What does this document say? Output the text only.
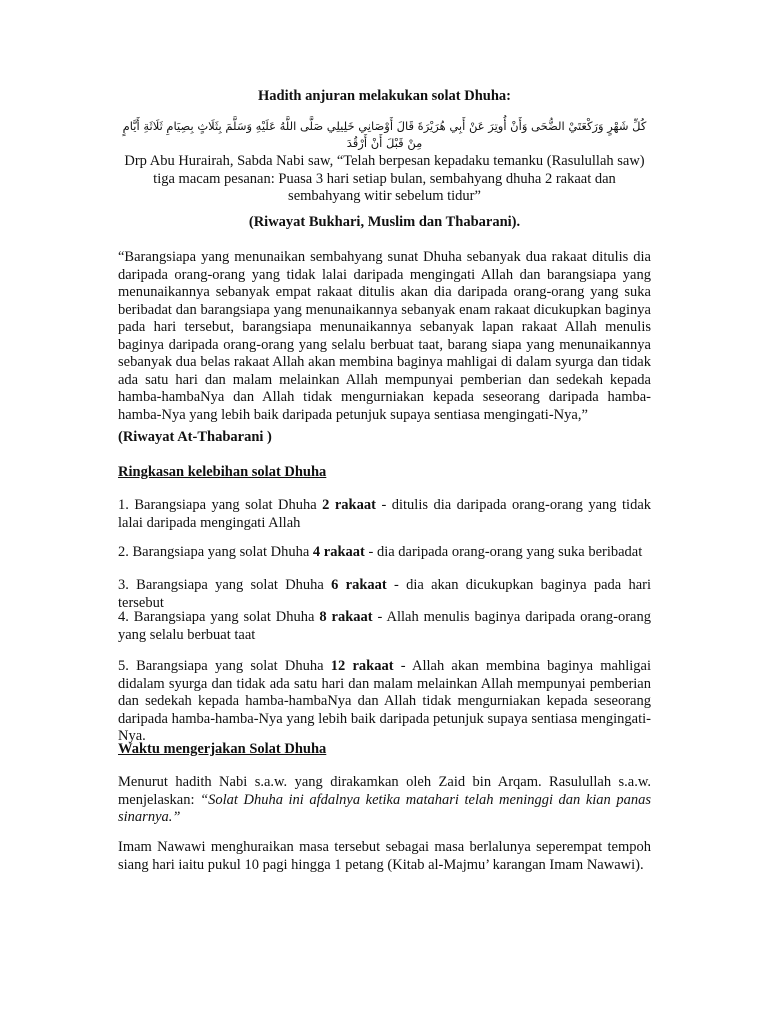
Hadith anjuran melakukan solat Dhuha:

كُلِّ شَهْرٍ وَرَكْعَتَيْ الضُّحَى وَأَنْ أُوتِرَ عَنْ أَبِي هُرَيْرَةَ قَالَ أَوْصَانِي خَلِيلِي صَلَّى اللَّهُ عَلَيْهِ وَسَلَّمَ بِثَلَاثٍ بِصِيَامِ ثَلَاثَةِ أَيَّامٍ مِنْ قَبْلَ أَنْ أَرْقُدَ

Drp Abu Hurairah, Sabda Nabi saw, “Telah berpesan kepadaku temanku (Rasulullah saw) tiga macam pesanan: Puasa 3 hari setiap bulan, sembahyang dhuha 2 rakaat dan sembahyang witir sebelum tidur”

(Riwayat Bukhari, Muslim dan Thabarani).

“Barangsiapa yang menunaikan sembahyang sunat Dhuha sebanyak dua rakaat ditulis dia daripada orang-orang yang tidak lalai daripada mengingati Allah dan barangsiapa yang menunaikannya sebanyak empat rakaat ditulis akan dia daripada orang-orang yang suka beribadat dan barangsiapa yang menunaikannya sebanyak enam rakaat dicukupkan baginya pada hari tersebut, barangsiapa menunaikannya sebanyak lapan rakaat Allah menulis baginya daripada orang-orang yang selalu berbuat taat, barang siapa yang menunaikannya sebanyak dua belas rakaat Allah akan membina baginya mahligai di dalam syurga dan tidak ada satu hari dan malam melainkan Allah mempunyai pemberian dan sedekah kepada hamba-hambaNya dan Allah tidak mengurniakan kepada seseorang daripada hamba-hamba-Nya yang lebih baik daripada petunjuk supaya sentiasa mengingati-Nya,”

(Riwayat At-Thabarani )

Ringkasan kelebihan solat Dhuha

1. Barangsiapa yang solat Dhuha 2 rakaat - ditulis dia daripada orang-orang yang tidak lalai daripada mengingati Allah

2. Barangsiapa yang solat Dhuha 4 rakaat - dia daripada orang-orang yang suka beribadat

3. Barangsiapa yang solat Dhuha 6 rakaat - dia akan dicukupkan baginya pada hari tersebut

4. Barangsiapa yang solat Dhuha 8 rakaat - Allah menulis baginya daripada orang-orang yang selalu berbuat taat

5. Barangsiapa yang solat Dhuha 12 rakaat - Allah akan membina baginya mahligai didalam syurga dan tidak ada satu hari dan malam melainkan Allah mempunyai pemberian dan sedekah kepada hamba-hambaNya dan Allah tidak mengurniakan kepada seseorang daripada hamba-hamba-Nya yang lebih baik daripada petunjuk supaya sentiasa mengingati-Nya.

Waktu mengerjakan Solat Dhuha

Menurut hadith Nabi s.a.w. yang dirakamkan oleh Zaid bin Arqam. Rasulullah s.a.w. menjelaskan: “Solat Dhuha ini afdalnya ketika matahari telah meninggi dan kian panas sinarnya.”

Imam Nawawi menghuraikan masa tersebut sebagai masa berlalunya seperempat tempoh siang hari iaitu pukul 10 pagi hingga 1 petang (Kitab al-Majmu’ karangan Imam Nawawi).
